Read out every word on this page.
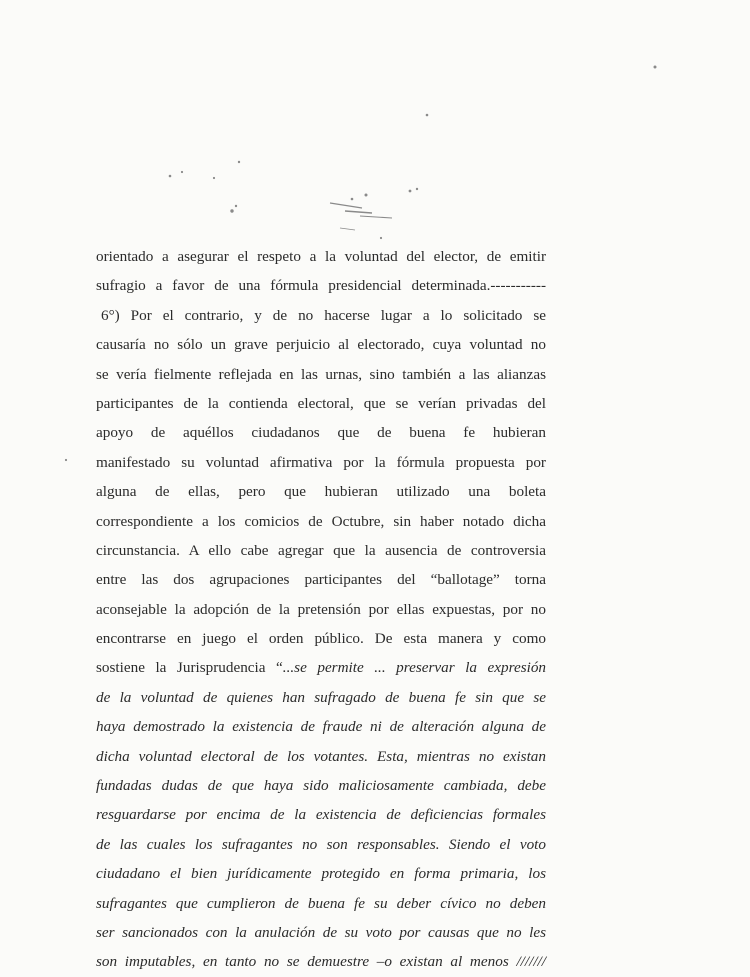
orientado a asegurar el respeto a la voluntad del elector, de emitir
sufragio a favor de una fórmula presidencial determinada.-----------
6°) Por el contrario, y de no hacerse lugar a lo solicitado se
causaría no sólo un grave perjuicio al electorado, cuya voluntad no
se vería fielmente reflejada en las urnas, sino también a las alianzas
participantes de la contienda electoral, que se verían privadas del
apoyo de aquéllos ciudadanos que de buena fe hubieran
manifestado su voluntad afirmativa por la fórmula propuesta por
alguna de ellas, pero que hubieran utilizado una boleta
correspondiente a los comicios de Octubre, sin haber notado dicha
circunstancia. A ello cabe agregar que la ausencia de controversia
entre las dos agrupaciones participantes del “ballotage” torna
aconsejable la adopción de la pretensión por ellas expuestas, por no
encontrarse en juego el orden público. De esta manera y como
sostiene la Jurisprudencia “...se permite ... preservar la expresión
de la voluntad de quienes han sufragado de buena fe sin que se
haya demostrado la existencia de fraude ni de alteración alguna de
dicha voluntad electoral de los votantes. Esta, mientras no existan
fundadas dudas de que haya sido maliciosamente cambiada, debe
resguardarse por encima de la existencia de deficiencias formales
de las cuales los sufragantes no son responsables. Siendo el voto
ciudadano el bien jurídicamente protegido en forma primaria, los
sufragantes que cumplieron de buena fe su deber cívico no deben
ser sancionados con la anulación de su voto por causas que no les
son imputables, en tanto no se demuestre –o existan al menos ///////
